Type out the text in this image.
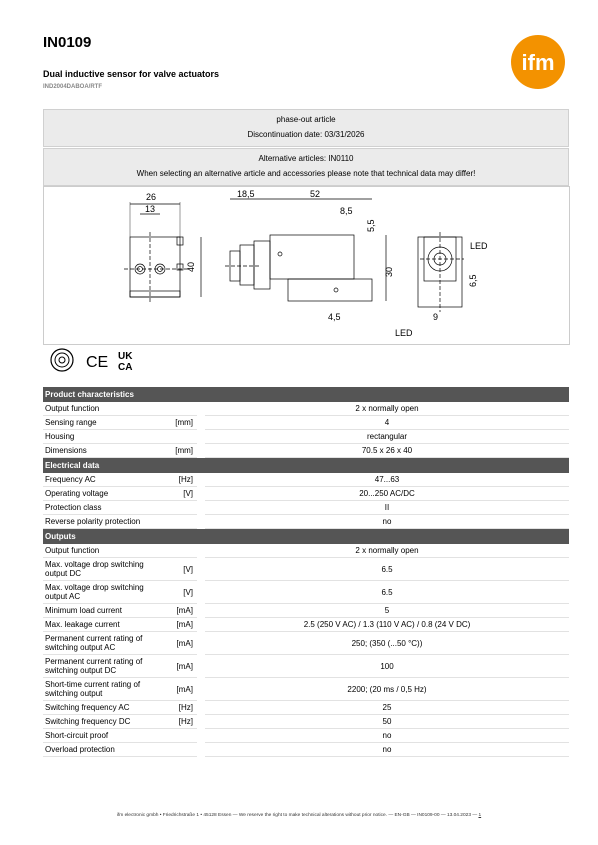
IN0109
Dual inductive sensor for valve actuators
IND2004DABOA/RTF
ifm
phase-out article
Discontinuation date: 03/31/2026
Alternative articles: IN0110
When selecting an alternative article and accessories please note that technical data may differ!
26
13
40
18,5	52
8,5
5,5
30
4,5
LED
6,5
9
LED
CE UK
CA
Product characteristics			
Output function			2 x normally open
Sensing range	[mm]		4
Housing			rectangular
Dimensions	[mm]		70.5 x 26 x 40
Electrical data			
Frequency AC	[Hz]		47...63
Operating voltage	[V]		20...250 AC/DC
Protection class			II
Reverse polarity protection			no
Outputs			
Output function			2 x normally open
Max. voltage drop switching output DC	[V]		6.5
Max. voltage drop switching output AC	[V]		6.5
Minimum load current	[mA]		5
Max. leakage current	[mA]		2.5 (250 V AC) / 1.3 (110 V AC) / 0.8 (24 V DC)
Permanent current rating of switching output AC	[mA]		250; (350 (...50 °C))
Permanent current rating of switching output DC	[mA]		100
Short-time current rating of switching output	[mA]		2200; (20 ms / 0,5 Hz)
Switching frequency AC	[Hz]		25
Switching frequency DC	[Hz]		50
Short-circuit proof			no
Overload protection			no
ifm electronic gmbh • Friedrichstraße 1 • 45128 Essen — We reserve the right to make technical alterations without prior notice. — EN-GB — IN0109-00 — 13.04.2023 — 1
